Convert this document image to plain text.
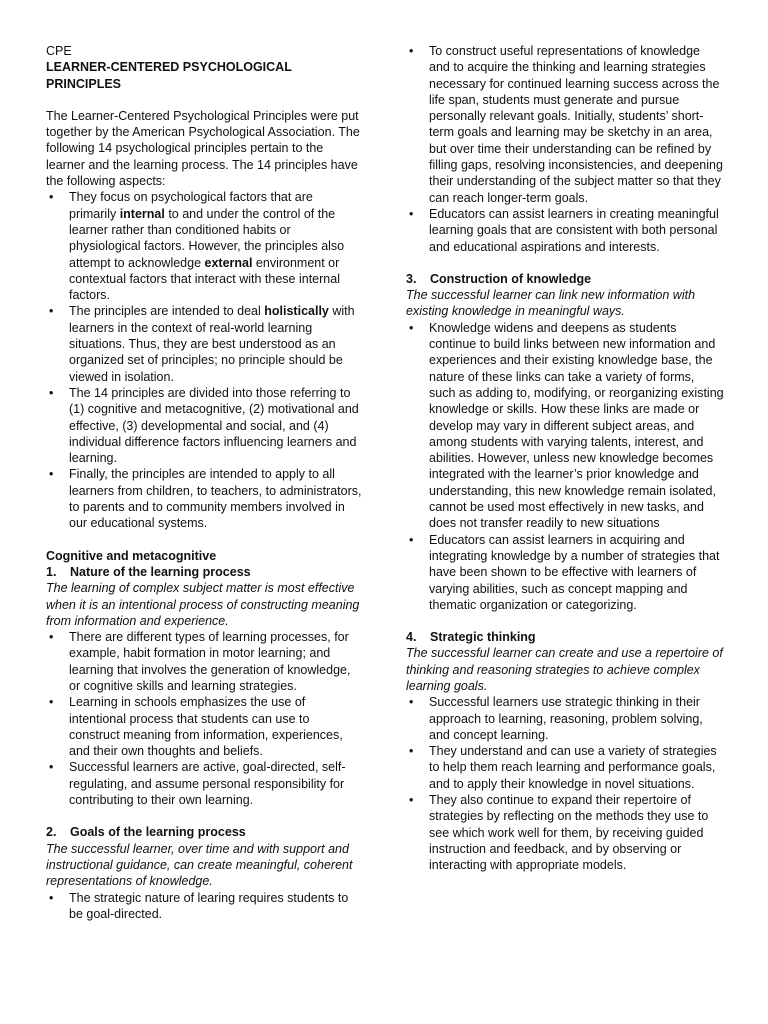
CPE

LEARNER-CENTERED PSYCHOLOGICAL PRINCIPLES

The Learner-Centered Psychological Principles were put together by the American Psychological Association. The following 14 psychological principles pertain to the learner and the learning process. The 14 principles have the following aspects:

• They focus on psychological factors that are primarily internal to and under the control of the learner rather than conditioned habits or physiological factors. However, the principles also attempt to acknowledge external environment or contextual factors that interact with these internal factors.
• The principles are intended to deal holistically with learners in the context of real-world learning situations. Thus, they are best understood as an organized set of principles; no principle should be viewed in isolation.
• The 14 principles are divided into those referring to (1) cognitive and metacognitive, (2) motivational and effective, (3) developmental and social, and (4) individual difference factors influencing learners and learning.
• Finally, the principles are intended to apply to all learners from children, to teachers, to administrators, to parents and to community members involved in our educational systems.

Cognitive and metacognitive

1.	Nature of the learning process

The learning of complex subject matter is most effective when it is an intentional process of constructing meaning from information and experience.

• There are different types of learning processes, for example, habit formation in motor learning; and learning that involves the generation of knowledge, or cognitive skills and learning strategies.
• Learning in schools emphasizes the use of intentional process that students can use to construct meaning from information, experiences, and their own thoughts and beliefs.
• Successful learners are active, goal-directed, self-regulating, and assume personal responsibility for contributing to their own learning.
2.	Goals of the learning process

The successful learner, over time and with support and instructional guidance, can create meaningful, coherent representations of knowledge.

• The strategic nature of learing requires students to be goal-directed.
• To construct useful representations of knowledge and to acquire the thinking and learning strategies necessary for continued learning success across the life span, students must generate and pursue personally relevant goals. Initially, students’ short-term goals and learning may be sketchy in an area, but over time their understanding can be refined by filling gaps, resolving inconsistencies, and deepening their understanding of the subject matter so that they can reach longer-term goals.
• Educators can assist learners in creating meaningful learning goals that are consistent with both personal and educational aspirations and interests.
3.	Construction of knowledge

The successful learner can link new information with existing knowledge in meaningful ways.

• Knowledge widens and deepens as students continue to build links between new information and experiences and their existing knowledge base, the nature of these links can take a variety of forms, such as adding to, modifying, or reorganizing existing knowledge or skills. How these links are made or develop may vary in different subject areas, and among students with varying talents, interest, and abilities. However, unless new knowledge becomes integrated with the learner’s prior knowledge and understanding, this new knowledge remain isolated, cannot be used most effectively in new tasks, and does not transfer readily to new situations
• Educators can assist learners in acquiring and integrating knowledge by a number of strategies that have been shown to be effective with learners of varying abilities, such as concept mapping and thematic organization or categorizing.
4.	Strategic thinking

The successful learner can create and use a repertoire of thinking and reasoning strategies to achieve complex learning goals.

• Successful learners use strategic thinking in their approach to learning, reasoning, problem solving, and concept learning.
• They understand and can use a variety of strategies to help them reach learning and performance goals, and to apply their knowledge in novel situations.
• They also continue to expand their repertoire of strategies by reflecting on the methods they use to see which work well for them, by receiving guided instruction and feedback, and by observing or interacting with appropriate models.
